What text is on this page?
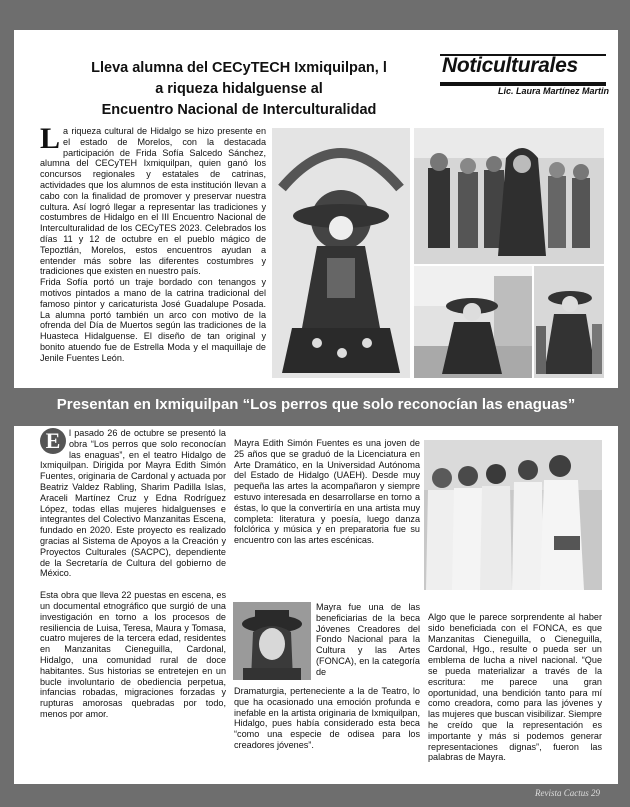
Lleva alumna del CECyTECH Ixmiquilpan, l
a riqueza hidalguense al
Encuentro Nacional de Interculturalidad
Noticulturales
Lic. Laura Martínez Martin
L a riqueza cultural de Hidalgo se hizo presente en el estado de Morelos, con la destacada participación de Frida Sofía Salcedo Sánchez, alumna del CECyTEH Ixmiquilpan, quien ganó los concursos regionales y estatales de catrinas, actividades que los alumnos de esta institución llevan a cabo con la finalidad de promover y preservar nuestra cultura. Así logró llegar a representar las tradiciones y costumbres de Hidalgo en el III Encuentro Nacional de Interculturalidad de los CECyTES 2023. Celebrados los días 11 y 12 de octubre en el pueblo mágico de Tepoztlán, Morelos, estos encuentros ayudan a entender más sobre las diferentes costumbres y tradiciones que existen en nuestro país.

Frida Sofía portó un traje bordado con tenangos y motivos pintados a mano de la catrina tradicional del famoso pintor y caricaturista José Guadalupe Posada. La alumna portó también un arco con motivo de la ofrenda del Día de Muertos según las tradiciones de la Huasteca Hidalguense. El diseño de tan original y bonito atuendo fue de Estrella Moda y el maquillaje de Jenile Fuentes León.

Presentan en Ixmiquilpan “Los perros que solo reconocían las enaguas”
E l pasado 26 de octubre se presentó la obra “Los perros que solo reconocían las enaguas”, en el teatro Hidalgo de Ixmiquilpan. Dirigida por Mayra Edith Simón Fuentes, originaria de Cardonal y actuada por Beatriz Valdez Rabling, Sharim Padilla Islas, Araceli Martínez Cruz y Edna Rodríguez López, todas ellas mujeres hidalguenses e integrantes del Colectivo Manzanitas Escena, fundado en 2020. Este proyecto es realizado gracias al Sistema de Apoyos a la Creación y Proyectos Culturales (SACPC), dependiente de la Secretaría de Cultura del gobierno de México.

Esta obra que lleva 22 puestas en escena, es un documental etnográfico que surgió de una investigación en torno a los procesos de resiliencia de Luisa, Teresa, Maura y Tomasa, cuatro mujeres de la tercera edad, residentes en Manzanitas Cieneguilla, Cardonal, Hidalgo, una comunidad rural de doce habitantes. Sus historias se entretejen en un bucle involuntario de obediencia perpetua, infancias robadas, migraciones forzadas y rupturas amorosas quebradas por todo, menos por amor.

Mayra Edith Simón Fuentes es una joven de 25 años que se graduó de la Licenciatura en Arte Dramático, en la Universidad Autónoma del Estado de Hidalgo (UAEH). Desde muy pequeña las artes la acompañaron y siempre estuvo interesada en desarrollarse en torno a éstas, lo que la convertiría en una artista muy completa: literatura y poesía, luego danza folclórica y música y en preparatoria fue su encuentro con las artes escénicas.

Mayra fue una de las beneficiarias de la beca Jóvenes Creadores del Fondo Nacional para la Cultura y las Artes (FONCA), en la categoría de

Dramaturgia, perteneciente a la de Teatro, lo que ha ocasionado una emoción profunda e inefable en la artista originaria de Ixmiquilpan, Hidalgo, pues había considerado esta beca “como una especie de odisea para los creadores jóvenes”.

Algo que le parece sorprendente al haber sido beneficiada con el FONCA, es que Manzanitas Cieneguilla, o Cieneguilla, Cardonal, Hgo., resulte o pueda ser un emblema de lucha a nivel nacional. “Que se pueda materializar a través de la escritura: me parece una gran oportunidad, una bendición tanto para mí como creadora, como para las jóvenes y las mujeres que buscan visibilizar. Siempre he creído que la representación es importante y más si podemos generar representaciones dignas”, fueron las palabras de Mayra.

Revista Cactus 29
